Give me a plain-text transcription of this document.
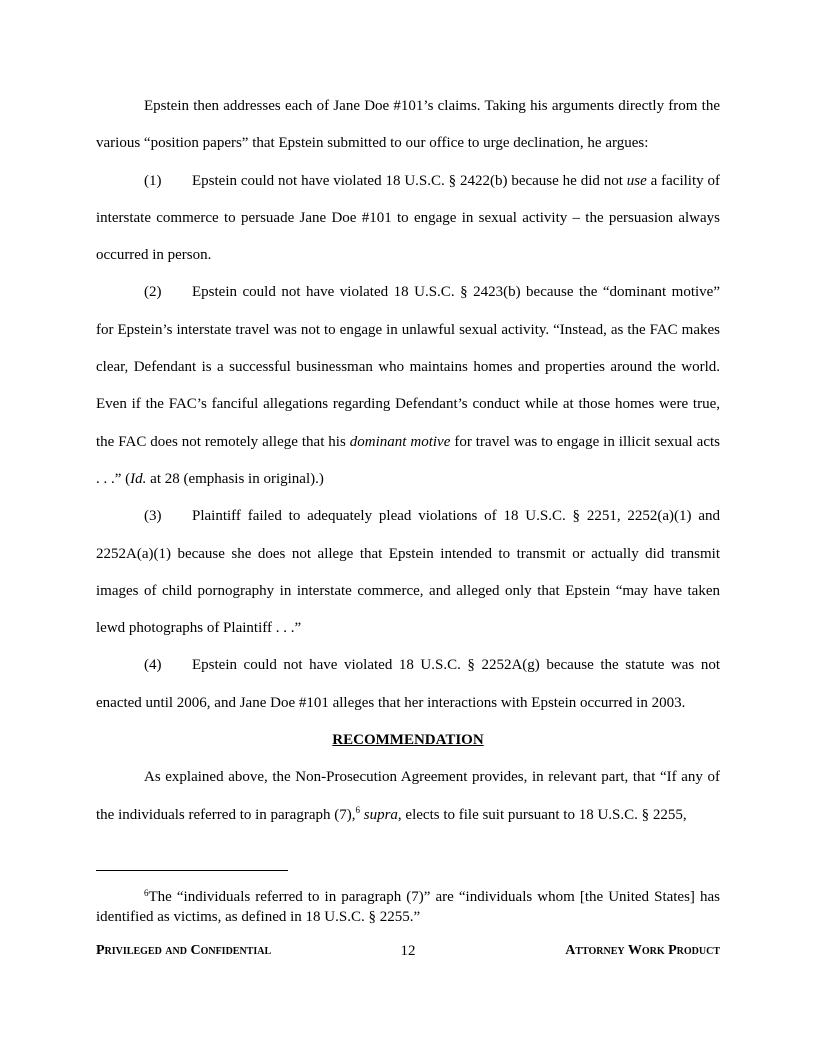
Epstein then addresses each of Jane Doe #101’s claims. Taking his arguments directly from the various “position papers” that Epstein submitted to our office to urge declination, he argues:

(1) Epstein could not have violated 18 U.S.C. § 2422(b) because he did not use a facility of interstate commerce to persuade Jane Doe #101 to engage in sexual activity – the persuasion always occurred in person.

(2) Epstein could not have violated 18 U.S.C. § 2423(b) because the “dominant motive” for Epstein’s interstate travel was not to engage in unlawful sexual activity. “Instead, as the FAC makes clear, Defendant is a successful businessman who maintains homes and properties around the world. Even if the FAC’s fanciful allegations regarding Defendant’s conduct while at those homes were true, the FAC does not remotely allege that his dominant motive for travel was to engage in illicit sexual acts . . .” (Id. at 28 (emphasis in original).)

(3) Plaintiff failed to adequately plead violations of 18 U.S.C. § 2251, 2252(a)(1) and 2252A(a)(1) because she does not allege that Epstein intended to transmit or actually did transmit images of child pornography in interstate commerce, and alleged only that Epstein “may have taken lewd photographs of Plaintiff . . .”

(4) Epstein could not have violated 18 U.S.C. § 2252A(g) because the statute was not enacted until 2006, and Jane Doe #101 alleges that her interactions with Epstein occurred in 2003.

RECOMMENDATION

As explained above, the Non-Prosecution Agreement provides, in relevant part, that “If any of the individuals referred to in paragraph (7),$^6$ supra, elects to file suit pursuant to 18 U.S.C. § 2255,

$^6$The “individuals referred to in paragraph (7)” are “individuals whom [the United States] has identified as victims, as defined in 18 U.S.C. § 2255.”
Privileged and Confidential	12	Attorney Work Product
